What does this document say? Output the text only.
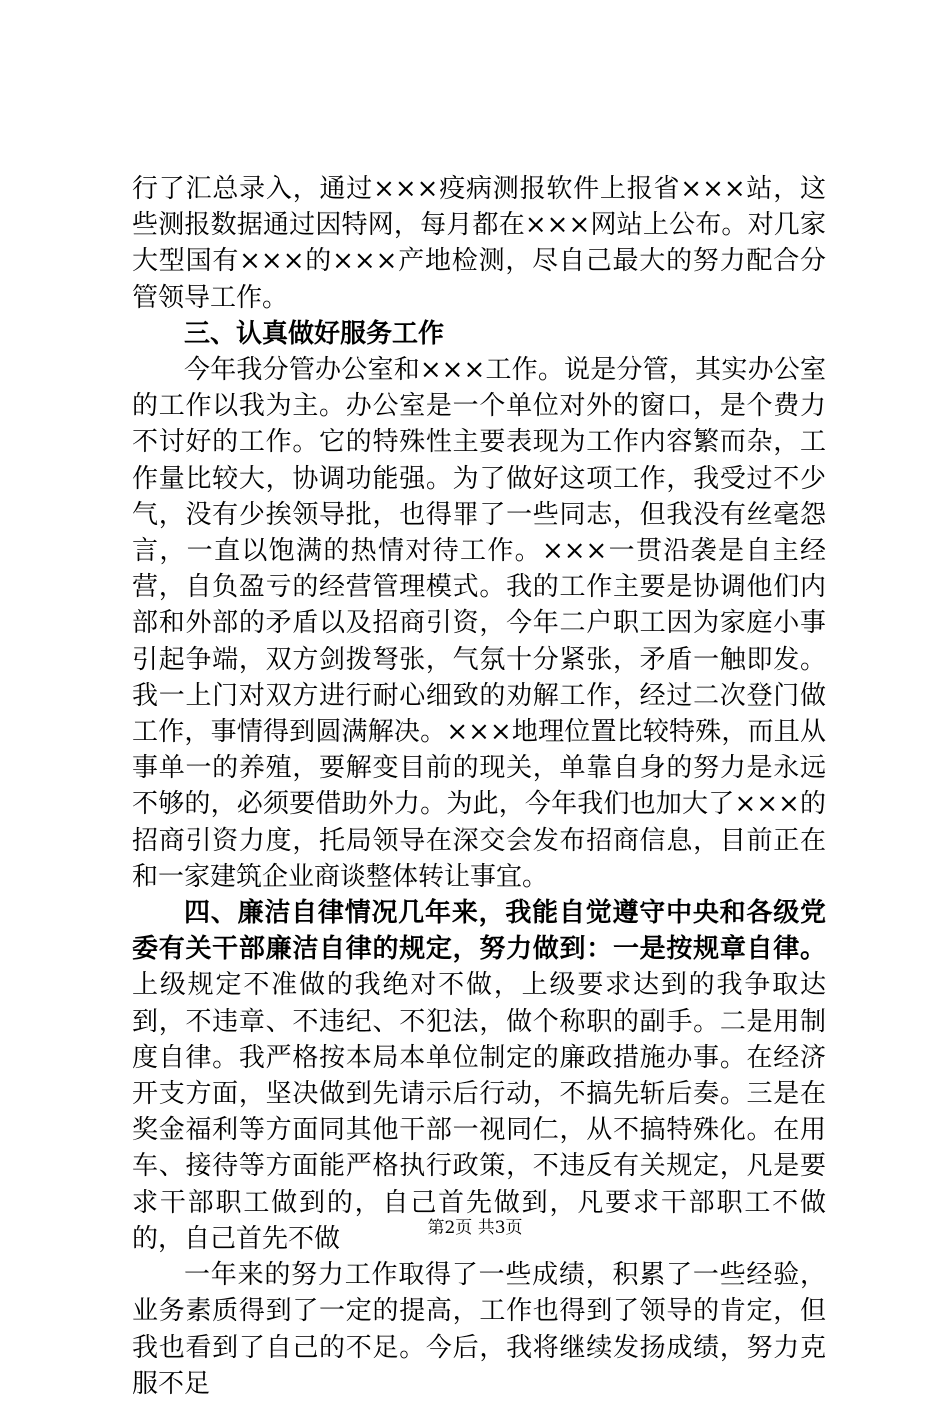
行了汇总录入，通过×××疫病测报软件上报省×××站，这些测报数据通过因特网，每月都在×××网站上公布。对几家大型国有×××的×××产地检测，尽自己最大的努力配合分管领导工作。

三、认真做好服务工作

今年我分管办公室和×××工作。说是分管，其实办公室的工作以我为主。办公室是一个单位对外的窗口，是个费力不讨好的工作。它的特殊性主要表现为工作内容繁而杂，工作量比较大，协调功能强。为了做好这项工作，我受过不少气，没有少挨领导批，也得罪了一些同志，但我没有丝毫怨言，一直以饱满的热情对待工作。×××一贯沿袭是自主经营，自负盈亏的经营管理模式。我的工作主要是协调他们内部和外部的矛盾以及招商引资，今年二户职工因为家庭小事引起争端，双方剑拨弩张，气氛十分紧张，矛盾一触即发。我一上门对双方进行耐心细致的劝解工作，经过二次登门做工作，事情得到圆满解决。×××地理位置比较特殊，而且从事单一的养殖，要解变目前的现关，单靠自身的努力是永远不够的，必须要借助外力。为此，今年我们也加大了×××的招商引资力度，托局领导在深交会发布招商信息，目前正在和一家建筑企业商谈整体转让事宜。

四、廉洁自律情况几年来，我能自觉遵守中央和各级党委有关干部廉洁自律的规定，努力做到：一是按规章自律。上级规定不准做的我绝对不做，上级要求达到的我争取达到，不违章、不违纪、不犯法，做个称职的副手。二是用制度自律。我严格按本局本单位制定的廉政措施办事。在经济开支方面，坚决做到先请示后行动，不搞先斩后奏。三是在奖金福利等方面同其他干部一视同仁，从不搞特殊化。在用车、接待等方面能严格执行政策，不违反有关规定，凡是要求干部职工做到的，自己首先做到，凡要求干部职工不做的，自己首先不做

一年来的努力工作取得了一些成绩，积累了一些经验，业务素质得到了一定的提高，工作也得到了领导的肯定，但我也看到了自己的不足。今后，我将继续发扬成绩，努力克服不足

第2页 共3页
